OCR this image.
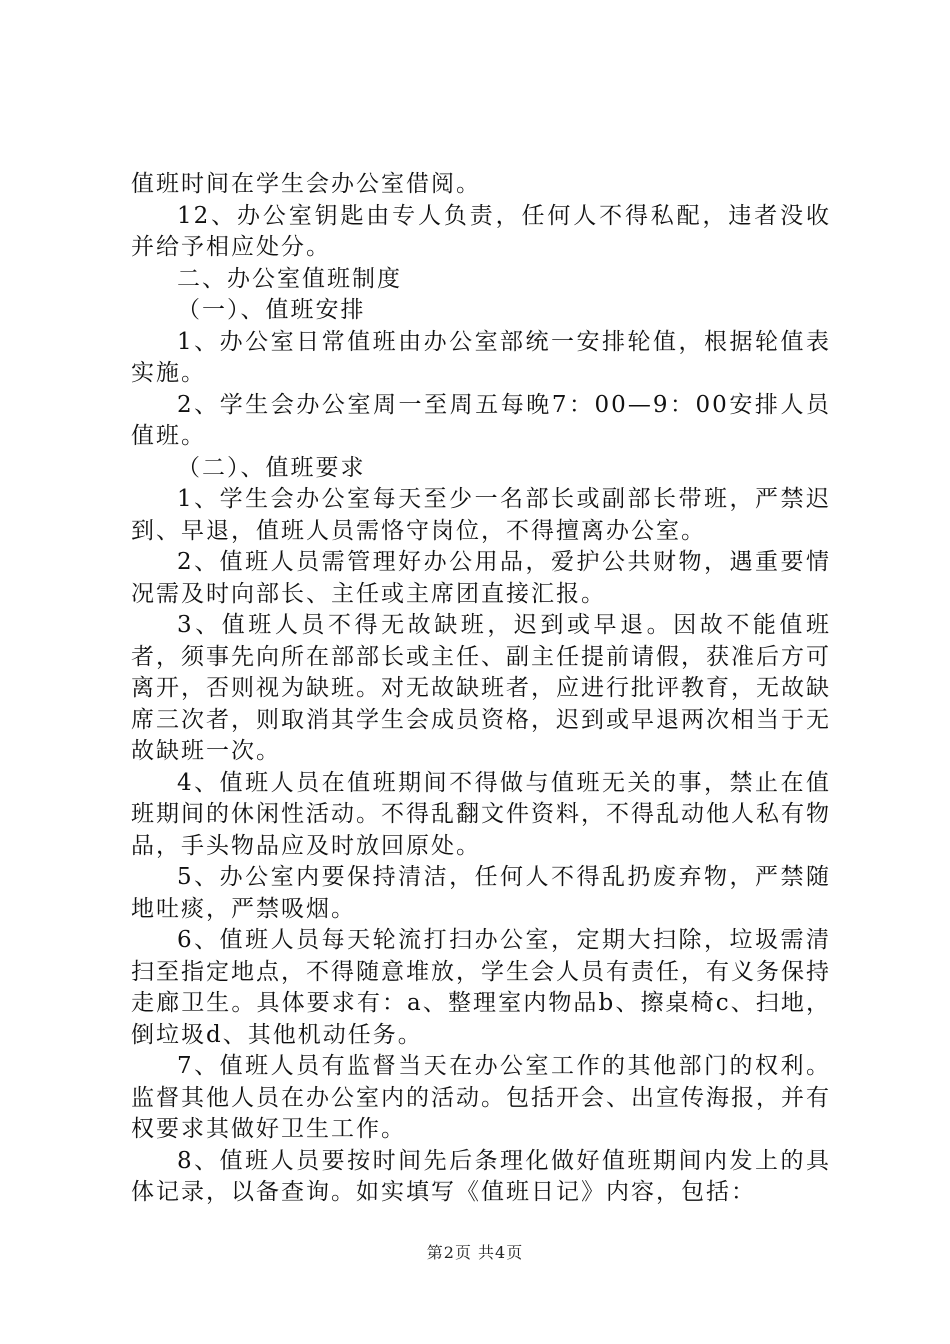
值班时间在学生会办公室借阅。

12、办公室钥匙由专人负责，任何人不得私配，违者没收并给予相应处分。

二、办公室值班制度

（一）、值班安排

1、办公室日常值班由办公室部统一安排轮值，根据轮值表实施。

2、学生会办公室周一至周五每晚7：00—9：00安排人员值班。

（二）、值班要求

1、学生会办公室每天至少一名部长或副部长带班，严禁迟到、早退，值班人员需恪守岗位，不得擅离办公室。

2、值班人员需管理好办公用品，爱护公共财物，遇重要情况需及时向部长、主任或主席团直接汇报。

3、值班人员不得无故缺班，迟到或早退。因故不能值班者，须事先向所在部部长或主任、副主任提前请假，获准后方可离开，否则视为缺班。对无故缺班者，应进行批评教育，无故缺席三次者，则取消其学生会成员资格，迟到或早退两次相当于无故缺班一次。

4、值班人员在值班期间不得做与值班无关的事，禁止在值班期间的休闲性活动。不得乱翻文件资料，不得乱动他人私有物品，手头物品应及时放回原处。

5、办公室内要保持清洁，任何人不得乱扔废弃物，严禁随地吐痰，严禁吸烟。

6、值班人员每天轮流打扫办公室，定期大扫除，垃圾需清扫至指定地点，不得随意堆放，学生会人员有责任，有义务保持走廊卫生。具体要求有：a、整理室内物品b、擦桌椅c、扫地，倒垃圾d、其他机动任务。

7、值班人员有监督当天在办公室工作的其他部门的权利。监督其他人员在办公室内的活动。包括开会、出宣传海报，并有权要求其做好卫生工作。

8、值班人员要按时间先后条理化做好值班期间内发上的具体记录，以备查询。如实填写《值班日记》内容，包括：

第2页 共4页
